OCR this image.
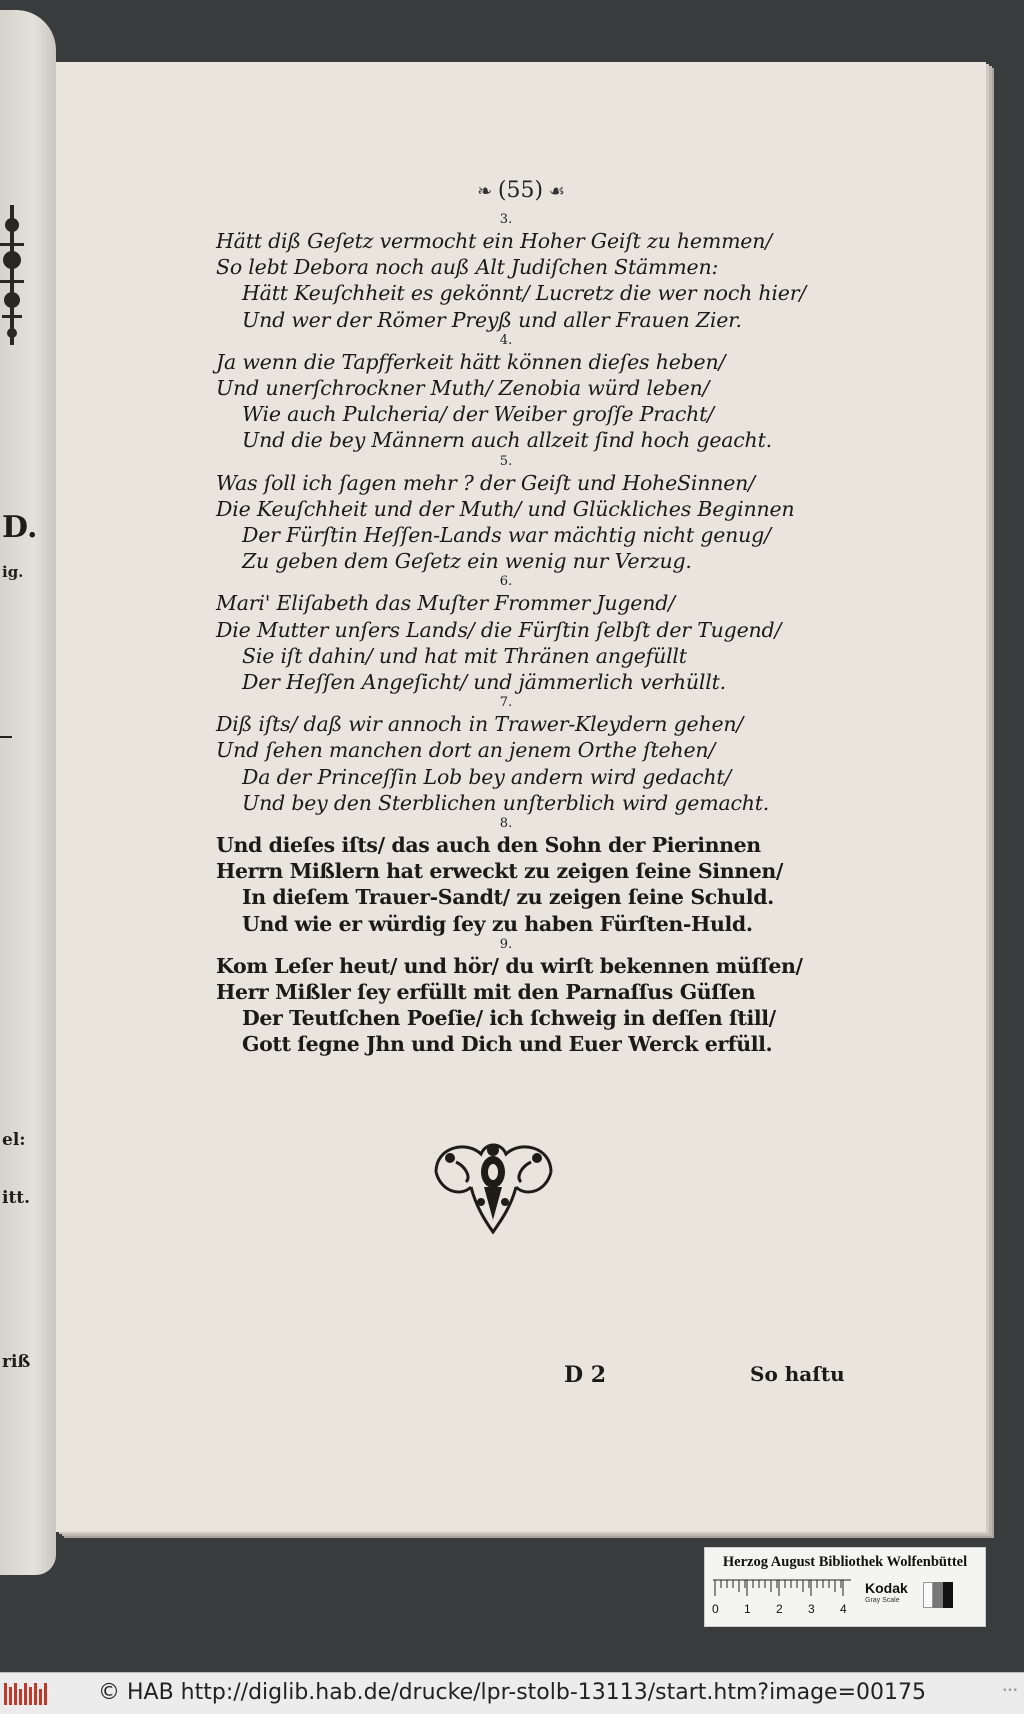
D.
ig.
el:
itt.
riß
❧ (55) ☙
3.
Hätt diß Geſetz vermocht ein Hoher Geiſt zu hemmen/
So lebt Debora noch auß Alt Judiſchen Stämmen:
Hätt Keuſchheit es gekönnt/ Lucretz die wer noch hier/
Und wer der Römer Preyß und aller Frauen Zier.
4.
Ja wenn die Tapfferkeit hätt können dieſes heben/
Und unerſchrockner Muth/ Zenobia würd leben/
Wie auch Pulcheria/ der Weiber groſſe Pracht/
Und die bey Männern auch allzeit ſind hoch geacht.
5.
Was ſoll ich ſagen mehr ? der Geiſt und HoheSinnen/
Die Keuſchheit und der Muth/ und Glückliches Beginnen
Der Fürſtin Heſſen-Lands war mächtig nicht genug/
Zu geben dem Geſetz ein wenig nur Verzug.
6.
Mari' Eliſabeth das Muſter Frommer Jugend/
Die Mutter unſers Lands/ die Fürſtin ſelbſt der Tugend/
Sie iſt dahin/ und hat mit Thränen angefüllt
Der Heſſen Angeſicht/ und jämmerlich verhüllt.
7.
Diß iſts/ daß wir annoch in Trawer-Kleydern gehen/
Und ſehen manchen dort an jenem Orthe ſtehen/
Da der Princeſſin Lob bey andern wird gedacht/
Und bey den Sterblichen unſterblich wird gemacht.
8.
Und dieſes iſts/ das auch den Sohn der Pierinnen
Herrn Mißlern hat erweckt zu zeigen ſeine Sinnen/
In dieſem Trauer-Sandt/ zu zeigen ſeine Schuld.
Und wie er würdig ſey zu haben Fürſten-Huld.
9.
Kom Leſer heut/ und hör/ du wirſt bekennen müſſen/
Herr Mißler ſey erfüllt mit den Parnaſſus Güſſen
Der Teutſchen Poeſie/ ich ſchweig in deſſen ſtill/
Gott ſegne Jhn und Dich und Euer Werck erfüll.
D 2	So haſtu
Herzog August Bibliothek Wolfenbüttel
0 1 2 3 4
Kodak
Gray Scale
© HAB http://diglib.hab.de/drucke/lpr-stolb-13113/start.htm?image=00175	•••
